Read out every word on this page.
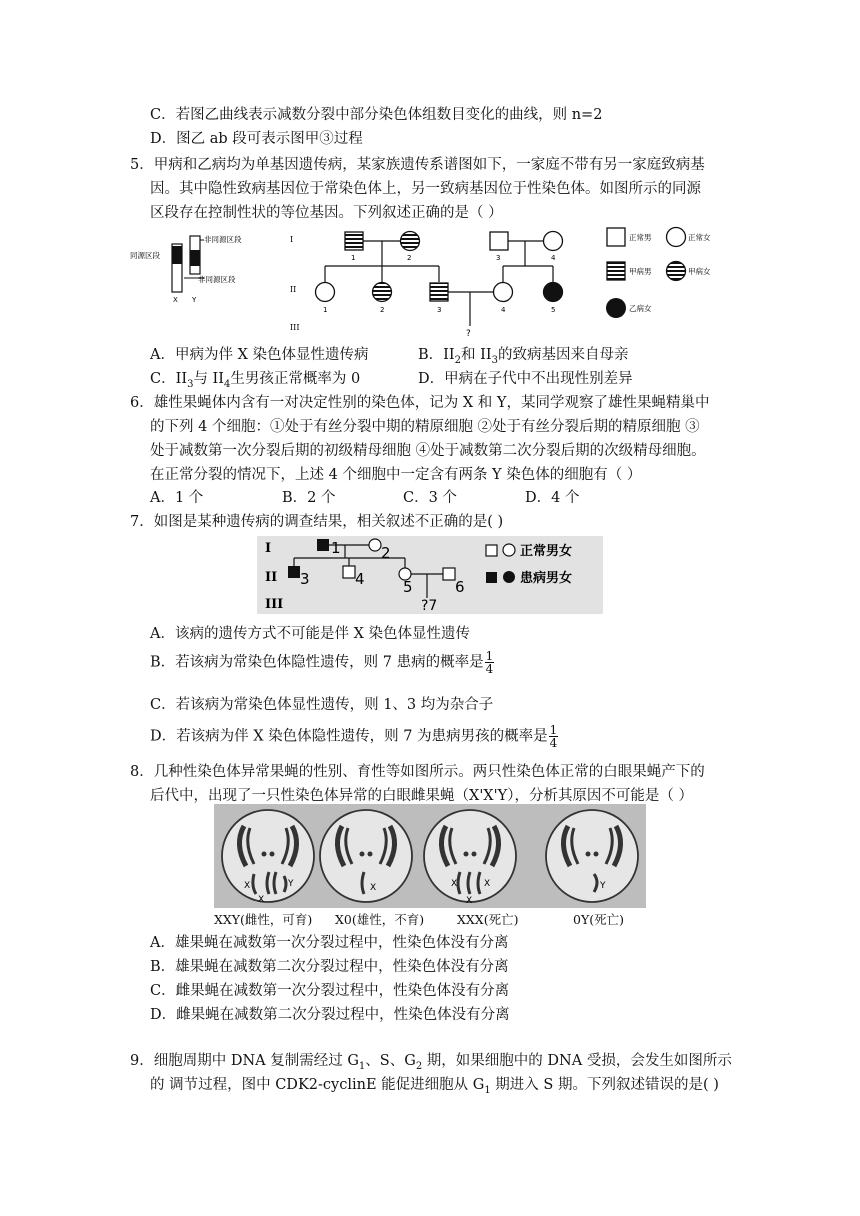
C．若图乙曲线表示减数分裂中部分染色体组数目变化的曲线，则 n=2
D．图乙 ab 段可表示图甲③过程
5．甲病和乙病均为单基因遗传病，某家族遗传系谱图如下，一家庭不带有另一家庭致病基
因。其中隐性致病基因位于常染色体上，另一致病基因位于性染色体。如图所示的同源
区段存在控制性状的等位基因。下列叙述正确的是（ ）
非同源区段
同源区段
非同源区段
X Y
I
II
III
1	2	3	4
1	2	3	4	5
?
正常男	正常女
甲病男	甲病女
乙病女
A．甲病为伴 X 染色体显性遗传病	B．$II_2$和 $II_3$的致病基因来自母亲
C．$II_3$与 $II_4$生男孩正常概率为 0	D．甲病在子代中不出现性别差异
6．雄性果蝇体内含有一对决定性别的染色体，记为 X 和 Y，某同学观察了雄性果蝇精巢中
的下列 4 个细胞：①处于有丝分裂中期的精原细胞 ②处于有丝分裂后期的精原细胞 ③
处于减数第一次分裂后期的初级精母细胞 ④处于减数第二次分裂后期的次级精母细胞。
在正常分裂的情况下，上述 4 个细胞中一定含有两条 Y 染色体的细胞有（ ）
A．1 个	B．2 个	C．3 个	D．4 个
7．如图是某种遗传病的调查结果，相关叙述不正确的是( )
I
II
III
1	2
3	4	5	6
?7
正常男女
患病男女
A．该病的遗传方式不可能是伴 X 染色体显性遗传
B．若该病为常染色体隐性遗传，则 7 患病的概率是 $\frac{1}{4}$
C．若该病为常染色体显性遗传，则 1、3 均为杂合子
D．若该病为伴 X 染色体隐性遗传，则 7 为患病男孩的概率是 $\frac{1}{4}$
8．几种性染色体异常果蝇的性别、育性等如图所示。两只性染色体正常的白眼果蝇产下的
后代中，出现了一只性染色体异常的白眼雌果蝇（X'X'Y），分析其原因不可能是（ ）
X
X
Y	X	X
X
X	Y
XXY(雌性，可育) X0(雄性，不育)	XXX(死亡)	0Y(死亡)
A．雄果蝇在减数第一次分裂过程中，性染色体没有分离
B．雄果蝇在减数第二次分裂过程中，性染色体没有分离
C．雌果蝇在减数第一次分裂过程中，性染色体没有分离
D．雌果蝇在减数第二次分裂过程中，性染色体没有分离
9．细胞周期中 DNA 复制需经过 $G_1$、S、$G_2$ 期，如果细胞中的 DNA 受损，会发生如图所示
的 调节过程，图中 CDK2-cyclinE 能促进细胞从 $G_1$ 期进入 S 期。下列叙述错误的是( )
